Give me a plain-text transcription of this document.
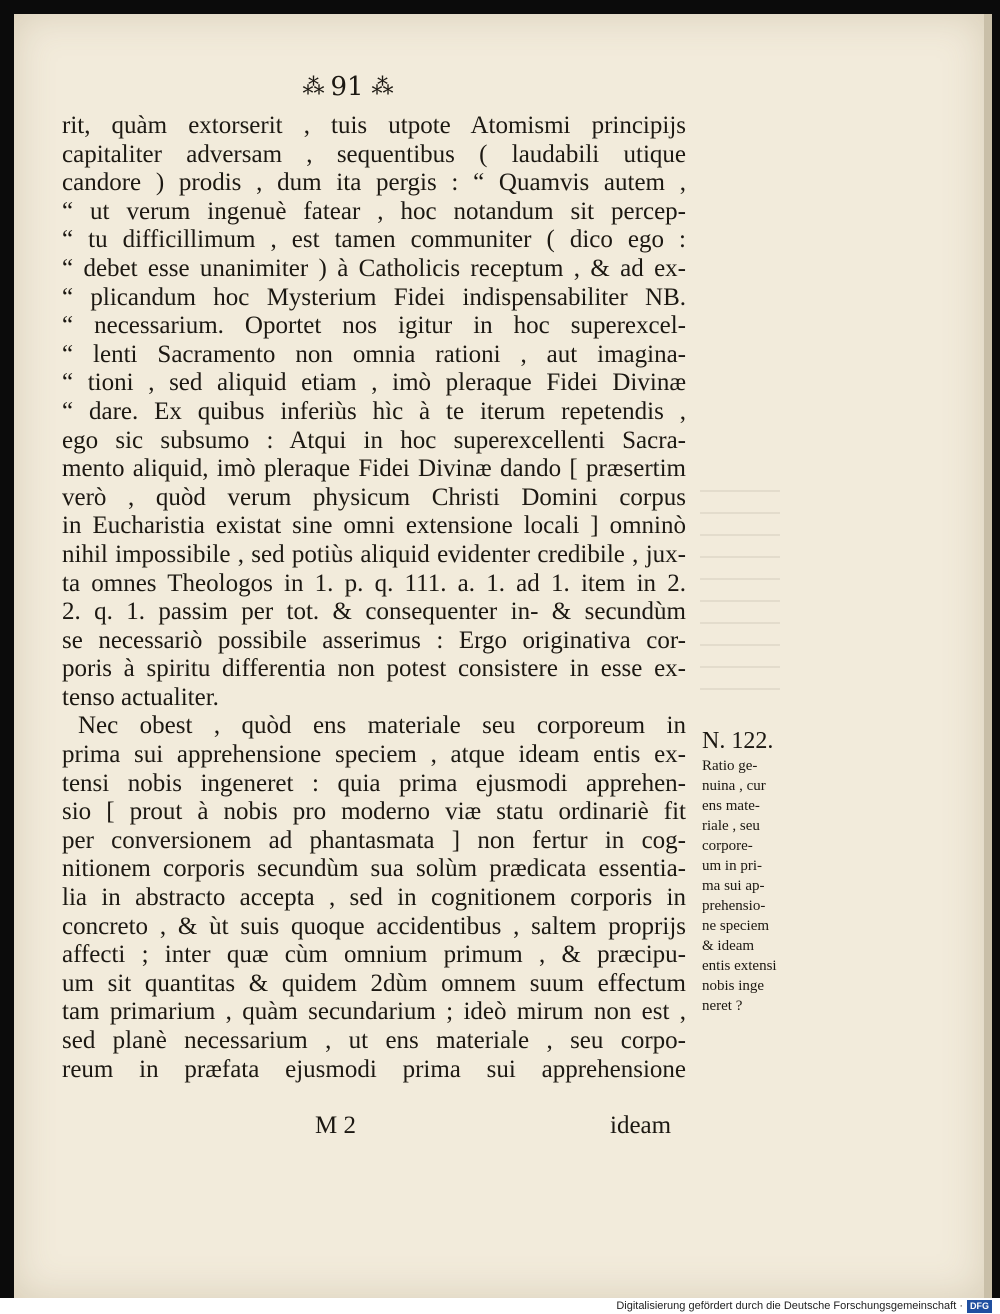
⁂ 91 ⁂
rit, quàm extorserit , tuis utpote Atomismi principijs
capitaliter adversam , sequentibus ( laudabili utique
candore ) prodis , dum ita pergis : “ Quamvis autem ,
“ ut verum ingenuè fatear , hoc notandum sit percep-
“ tu difficillimum , est tamen communiter ( dico ego :
“ debet esse unanimiter ) à Catholicis receptum , & ad ex-
“ plicandum hoc Mysterium Fidei indispensabiliter NB.
“ necessarium. Oportet nos igitur in hoc superexcel-
“ lenti Sacramento non omnia rationi , aut imagina-
“ tioni , sed aliquid etiam , imò pleraque Fidei Divinæ
“ dare. Ex quibus inferiùs hìc à te iterum repetendis ,
ego sic subsumo : Atqui in hoc superexcellenti Sacra-
mento aliquid, imò pleraque Fidei Divinæ dando [ præsertim
verò , quòd verum physicum Christi Domini corpus
in Eucharistia existat sine omni extensione locali ] omninò
nihil impossibile , sed potiùs aliquid evidenter credibile , jux-
ta omnes Theologos in 1. p. q. 111. a. 1. ad 1. item in 2.
2. q. 1. passim per tot. & consequenter in- & secundùm
se necessariò possibile asserimus : Ergo originativa cor-
poris à spiritu differentia non potest consistere in esse ex-
tenso actualiter.
Nec obest , quòd ens materiale seu corporeum in
prima sui apprehensione speciem , atque ideam entis ex-
tensi nobis ingeneret : quia prima ejusmodi apprehen-
sio [ prout à nobis pro moderno viæ statu ordinariè fit
per conversionem ad phantasmata ] non fertur in cog-
nitionem corporis secundùm sua solùm prædicata essentia-
lia in abstracto accepta , sed in cognitionem corporis in
concreto , & ùt suis quoque accidentibus , saltem proprijs
affecti ; inter quæ cùm omnium primum , & præcipu-
um sit quantitas & quidem 2dùm omnem suum effectum
tam primarium , quàm secundarium ; ideò mirum non est ,
sed planè necessarium , ut ens materiale , seu corpo-
reum in præfata ejusmodi prima sui apprehensione
N. 122.
Ratio ge-
nuina , cur
ens mate-
riale , seu
corpore-
um in pri-
ma sui ap-
prehensio-
ne speciem
& ideam
entis extensi
nobis inge
neret ?
M 2	ideam
Digitalisierung gefördert durch die Deutsche Forschungsgemeinschaft · DFG
